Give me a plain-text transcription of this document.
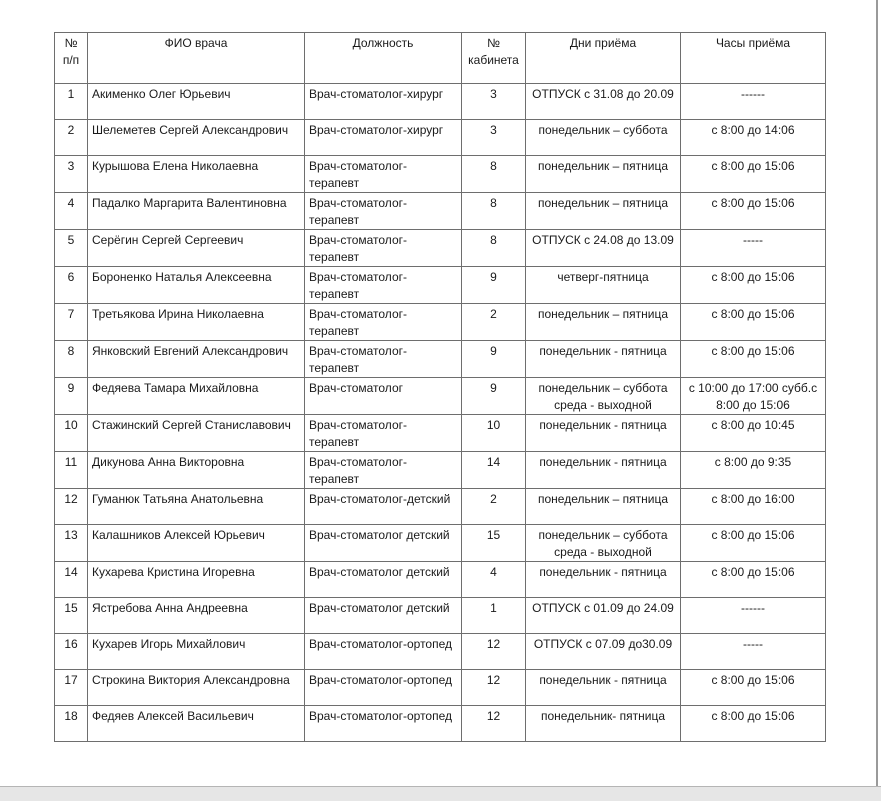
№ п/п	ФИО врача	Должность	№ кабинета	Дни приёма	Часы приёма
1	Акименко Олег Юрьевич	Врач-стоматолог-хирург	3	ОТПУСК с 31.08 до 20.09	------
2	Шелеметев Сергей Александрович	Врач-стоматолог-хирург	3	понедельник – суббота	с 8:00 до 14:06
3	Курышова Елена Николаевна	Врач-стоматолог-терапевт	8	понедельник – пятница	с 8:00 до 15:06
4	Падалко Маргарита Валентиновна	Врач-стоматолог-терапевт	8	понедельник – пятница	с 8:00 до 15:06
5	Серёгин Сергей Сергеевич	Врач-стоматолог-терапевт	8	ОТПУСК с 24.08 до 13.09	-----
6	Бороненко Наталья Алексеевна	Врач-стоматолог-терапевт	9	четверг-пятница	с 8:00 до 15:06
7	Третьякова Ирина Николаевна	Врач-стоматолог-терапевт	2	понедельник – пятница	с 8:00 до 15:06
8	Янковский Евгений Александрович	Врач-стоматолог-терапевт	9	понедельник - пятница	с 8:00 до 15:06
9	Федяева Тамара Михайловна	Врач-стоматолог	9	понедельник – суббота среда - выходной	с 10:00 до 17:00 субб.с 8:00 до 15:06
10	Стажинский Сергей Станиславович	Врач-стоматолог-терапевт	10	понедельник - пятница	с 8:00 до 10:45
11	Дикунова Анна Викторовна	Врач-стоматолог-терапевт	14	понедельник - пятница	с 8:00 до 9:35
12	Гуманюк Татьяна Анатольевна	Врач-стоматолог-детский	2	понедельник – пятница	с 8:00 до 16:00
13	Калашников Алексей Юрьевич	Врач-стоматолог детский	15	понедельник – суббота среда - выходной	с 8:00 до 15:06
14	Кухарева Кристина Игоревна	Врач-стоматолог детский	4	понедельник - пятница	с 8:00 до 15:06
15	Ястребова Анна Андреевна	Врач-стоматолог детский	1	ОТПУСК с 01.09 до 24.09	------
16	Кухарев Игорь Михайлович	Врач-стоматолог-ортопед	12	ОТПУСК с 07.09 до30.09	-----
17	Строкина Виктория Александровна	Врач-стоматолог-ортопед	12	понедельник - пятница	с 8:00 до 15:06
18	Федяев Алексей Васильевич	Врач-стоматолог-ортопед	12	понедельник- пятница	с 8:00 до 15:06
